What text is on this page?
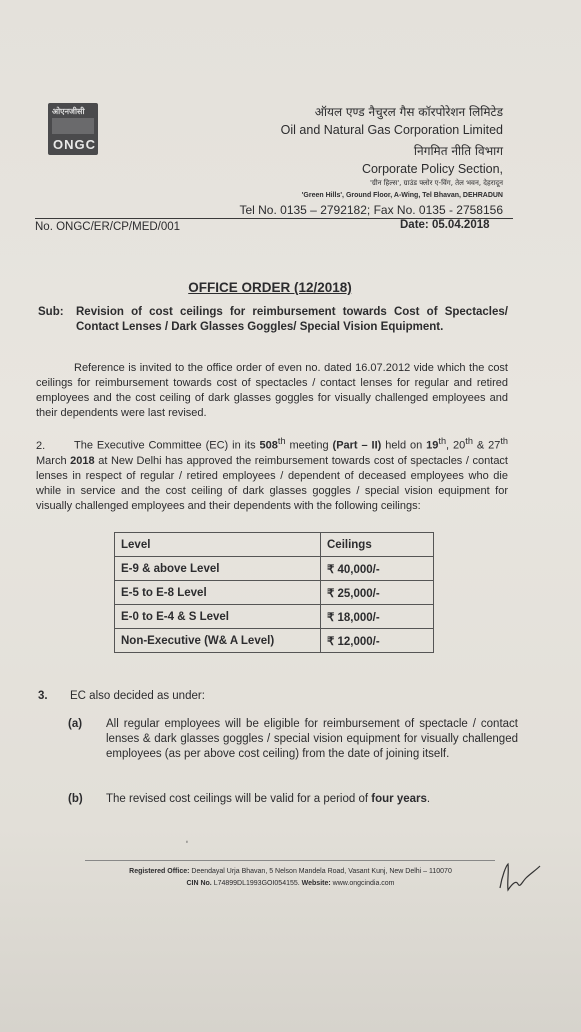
ओएनजीसी
ONGC
ऑयल एण्ड नैचुरल गैस कॉरपोरेशन लिमिटेड
Oil and Natural Gas Corporation Limited
निगमित नीति विभाग
Corporate Policy Section,
'ग्रीन हिल्स', ग्राउंड फ्लोर ए-विंग, तेल भवन, देहरादून
'Green Hills', Ground Floor, A-Wing, Tel Bhavan, DEHRADUN
Tel No. 0135 – 2792182; Fax No. 0135 - 2758156
No. ONGC/ER/CP/MED/001	Date: 05.04.2018
OFFICE ORDER (12/2018)
Sub: Revision of cost ceilings for reimbursement towards Cost of Spectacles/ Contact Lenses / Dark Glasses Goggles/ Special Vision Equipment.
Reference is invited to the office order of even no. dated 16.07.2012 vide which the cost ceilings for reimbursement towards cost of spectacles / contact lenses for regular and retired employees and the cost ceiling of dark glasses goggles for visually challenged employees and their dependents were last revised.
2.	The Executive Committee (EC) in its 508th meeting (Part – II) held on 19th, 20th & 27th March 2018 at New Delhi has approved the reimbursement towards cost of spectacles / contact lenses in respect of regular / retired employees / dependent of deceased employees who die while in service and the cost ceiling of dark glasses goggles / special vision equipment for visually challenged employees and their dependents with the following ceilings:
Level	Ceilings
E-9 & above Level	₹ 40,000/-
E-5 to E-8 Level	₹ 25,000/-
E-0 to E-4 & S Level	₹ 18,000/-
Non-Executive (W& A Level)	₹ 12,000/-
3. EC also decided as under:
(a) All regular employees will be eligible for reimbursement of spectacle / contact lenses & dark glasses goggles / special vision equipment for visually challenged employees (as per above cost ceiling) from the date of joining itself.
(b) The revised cost ceilings will be valid for a period of four years.
ʹ
Registered Office: Deendayal Urja Bhavan, 5 Nelson Mandela Road, Vasant Kunj, New Delhi – 110070
CIN No. L74899DL1993GOI054155. Website: www.ongcindia.com
